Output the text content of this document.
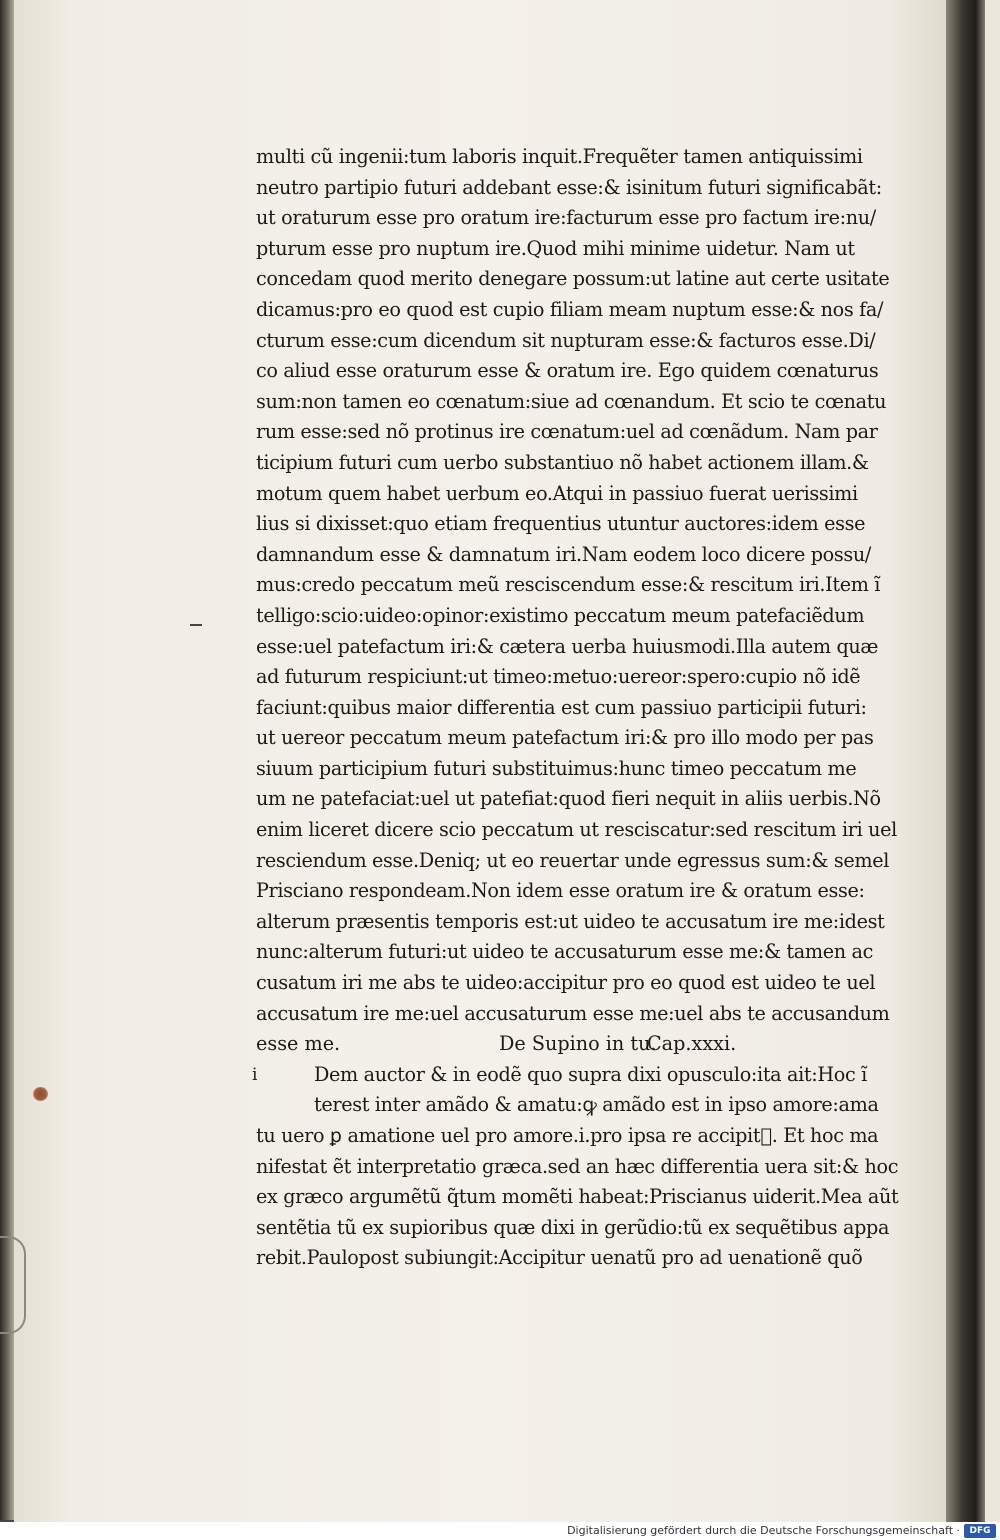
multi cũ ingenii:tum laboris inquit.Frequẽter tamen antiquissimi
neutro partipio futuri addebant esse:& isinitum futuri significabãt:
ut oraturum esse pro oratum ire:facturum esse pro factum ire:nu/
pturum esse pro nuptum ire.Quod mihi minime uidetur. Nam ut
concedam quod merito denegare possum:ut latine aut certe usitate
dicamus:pro eo quod est cupio filiam meam nuptum esse:& nos fa/
cturum esse:cum dicendum sit nupturam esse:& facturos esse.Di/
co aliud esse oraturum esse & oratum ire. Ego quidem cœnaturus
sum:non tamen eo cœnatum:siue ad cœnandum. Et scio te cœnatu
rum esse:sed nõ protinus ire cœnatum:uel ad cœnãdum. Nam par
ticipium futuri cum uerbo substantiuo nõ habet actionem illam.&
motum quem habet uerbum eo.Atqui in passiuo fuerat uerissimi
lius si dixisset:quo etiam frequentius utuntur auctores:idem esse
damnandum esse & damnatum iri.Nam eodem loco dicere possu/
mus:credo peccatum meũ resciscendum esse:& rescitum iri.Item ĩ
telligo:scio:uideo:opinor:existimo peccatum meum patefaciẽdum
esse:uel patefactum iri:& cætera uerba huiusmodi.Illa autem quæ
ad futurum respiciunt:ut timeo:metuo:uereor:spero:cupio nõ idẽ
faciunt:quibus maior differentia est cum passiuo participii futuri:
ut uereor peccatum meum patefactum iri:& pro illo modo per pas
siuum participium futuri substituimus:hunc timeo peccatum me
um ne patefaciat:uel ut patefiat:quod fieri nequit in aliis uerbis.Nõ
enim liceret dicere scio peccatum ut resciscatur:sed rescitum iri uel
resciendum esse.Deniq; ut eo reuertar unde egressus sum:& semel
Prisciano respondeam.Non idem esse oratum ire & oratum esse:
alterum præsentis temporis est:ut uideo te accusatum ire me:idest
nunc:alterum futuri:ut uideo te accusaturum esse me:& tamen ac
cusatum iri me abs te uideo:accipitur pro eo quod est uideo te uel
accusatum ire me:uel accusaturum esse me:uel abs te accusandum
esse me.	De Supino in tu.
Cap.xxxi.
i	Dem auctor & in eodẽ quo supra dixi opusculo:ita ait:Hoc ĩ
terest inter amãdo & amatu:ꝙ amãdo est in ipso amore:ama
tu uero ꝑ amatione uel pro amore.i.pro ipsa re accipit᷑. Et hoc ma
nifestat ẽt interpretatio græca.sed an hæc differentia uera sit:& hoc
ex græco argumẽtũ q̃tum momẽti habeat:Priscianus uiderit.Mea aũt
sentẽtia tũ ex supioribus quæ dixi in gerũdio:tũ ex sequẽtibus appa
rebit.Paulopost subiungit:Accipitur uenatũ pro ad uenationẽ quõ
Digitalisierung gefördert durch die Deutsche Forschungsgemeinschaft ·	DFG
